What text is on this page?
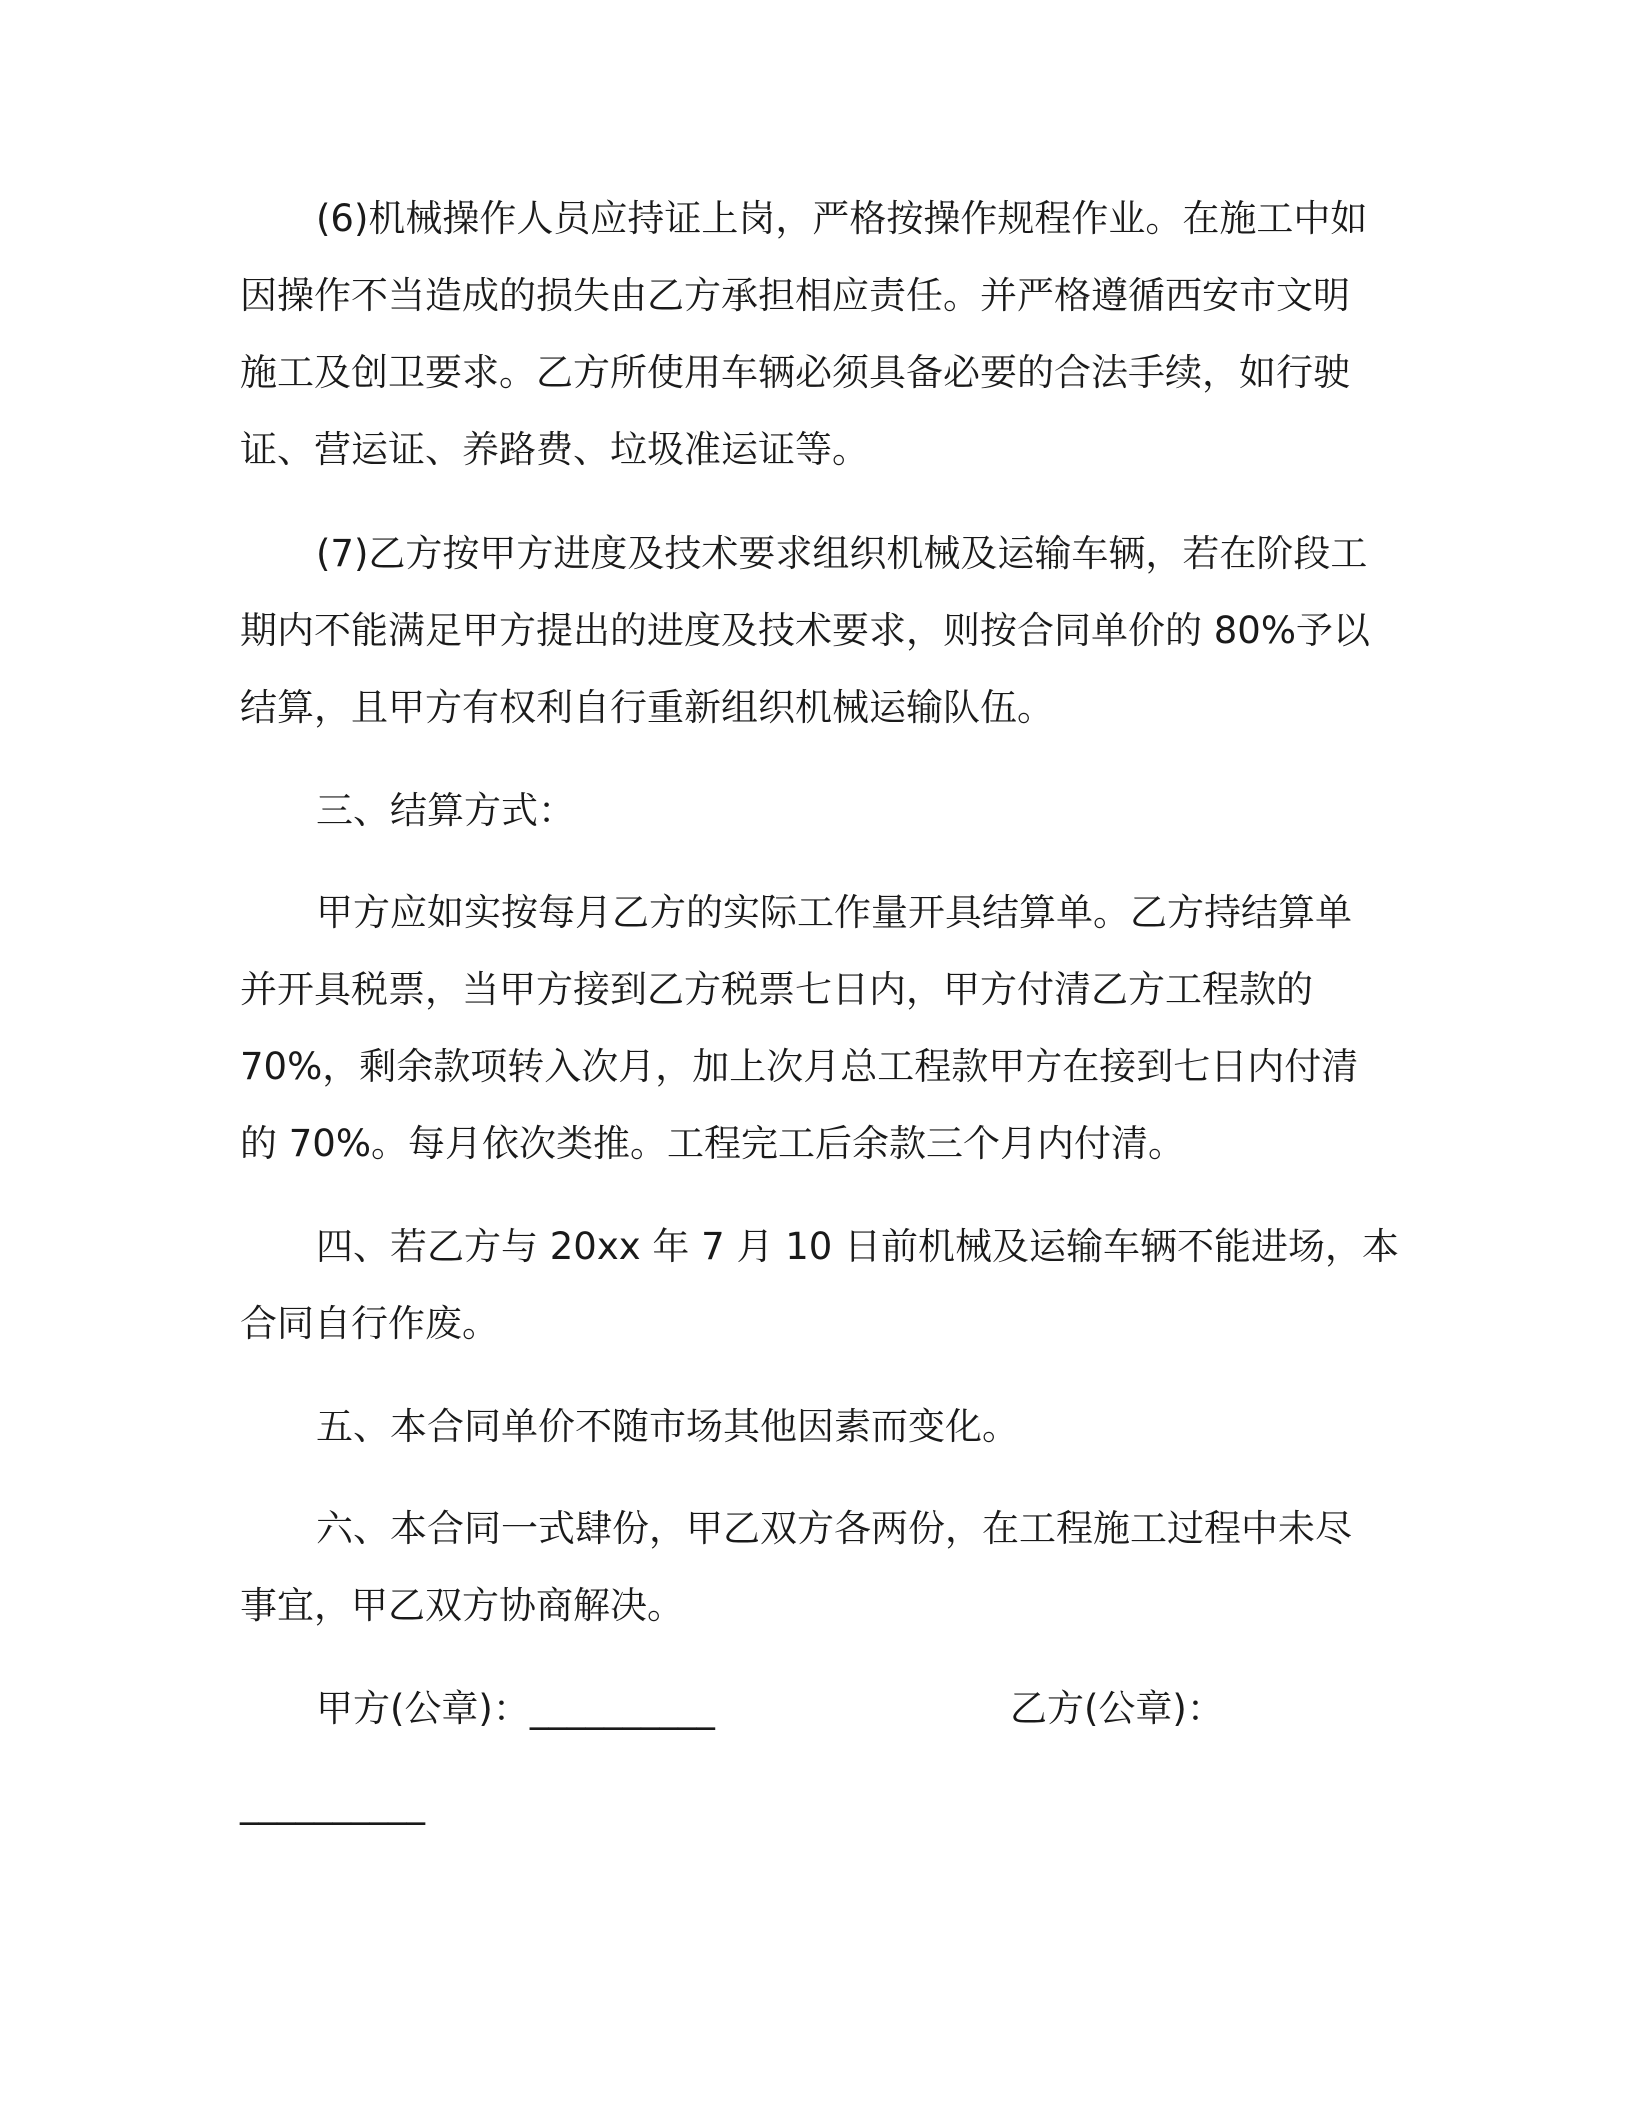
(6)机械操作人员应持证上岗，严格按操作规程作业。在施工中如
因操作不当造成的损失由乙方承担相应责任。并严格遵循西安市文明
施工及创卫要求。乙方所使用车辆必须具备必要的合法手续，如行驶
证、营运证、养路费、垃圾准运证等。
(7)乙方按甲方进度及技术要求组织机械及运输车辆，若在阶段工
期内不能满足甲方提出的进度及技术要求，则按合同单价的 80%予以
结算，且甲方有权利自行重新组织机械运输队伍。
三、结算方式：
甲方应如实按每月乙方的实际工作量开具结算单。乙方持结算单
并开具税票，当甲方接到乙方税票七日内，甲方付清乙方工程款的
70%，剩余款项转入次月，加上次月总工程款甲方在接到七日内付清
的 70%。每月依次类推。工程完工后余款三个月内付清。
四、若乙方与 20xx 年 7 月 10 日前机械及运输车辆不能进场，本
合同自行作废。
五、本合同单价不随市场其他因素而变化。
六、本合同一式肆份，甲乙双方各两份，在工程施工过程中未尽
事宜，甲乙双方协商解决。
甲方(公章)：__________	乙方(公章)：
__________
